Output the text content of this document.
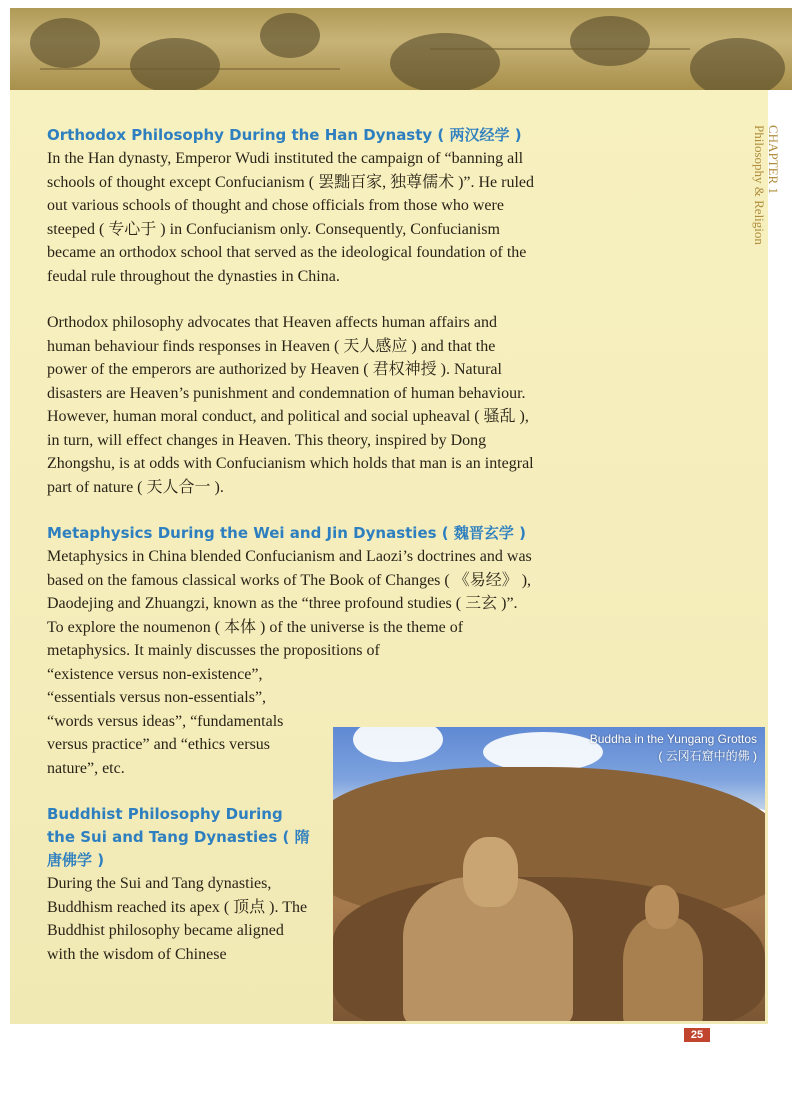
CHAPTER 1
Philosophy & Religion
Orthodox Philosophy During the Han Dynasty ( 两汉经学 )

In the Han dynasty, Emperor Wudi instituted the campaign of “banning all schools of thought except Confucianism ( 罢黜百家, 独尊儒术 )”. He ruled out various schools of thought and chose officials from those who were steeped ( 专心于 ) in Confucianism only. Consequently, Confucianism became an orthodox school that served as the ideological foundation of the feudal rule throughout the dynasties in China.

Orthodox philosophy advocates that Heaven affects human affairs and human behaviour finds responses in Heaven ( 天人感应 ) and that the power of the emperors are authorized by Heaven ( 君权神授 ). Natural disasters are Heaven’s punishment and condemnation of human behaviour. However, human moral conduct, and political and social upheaval ( 骚乱 ), in turn, will effect changes in Heaven. This theory, inspired by Dong Zhongshu, is at odds with Confucianism which holds that man is an integral part of nature ( 天人合一 ).

Metaphysics During the Wei and Jin Dynasties ( 魏晋玄学 )

Metaphysics in China blended Confucianism and Laozi’s doctrines and was based on the famous classical works of The Book of Changes ( 《易经》 ), Daodejing and Zhuangzi, known as the “three profound studies ( 三玄 )”. To explore the noumenon ( 本体 ) of the universe is the theme of metaphysics. It mainly discusses the propositions of

“existence versus non-existence”, “essentials versus non-essentials”, “words versus ideas”, “fundamentals versus practice” and “ethics versus nature”, etc.

Buddhist Philosophy During the Sui and Tang Dynasties ( 隋唐佛学 )

During the Sui and Tang dynasties, Buddhism reached its apex ( 顶点 ). The Buddhist philosophy became aligned with the wisdom of Chinese

Buddha in the Yungang Grottos
( 云冈石窟中的佛 )
25
